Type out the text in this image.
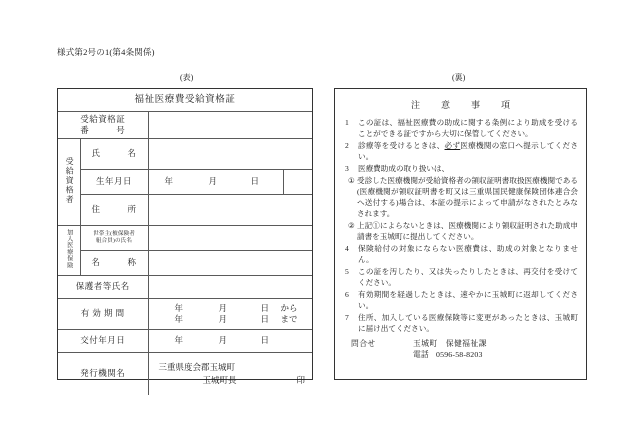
様式第2号の1(第4条関係)
(表)	(裏)
福祉医療費受給資格証		

受給資格証
番　　　号		

受給資格者	氏　　名	
	生年月日	年 月 日

	住　　所	
加入医療保険	世帯主(被保険者
組合員)の氏名	

	名　　称	
保護者等氏名		
有 効 期 間	
年	月	日	から
年	月	日	まで

交付年月日		年 月 日

発行機関名		三重県度会郡玉城町
玉城町長 印
注　意　事　項
1	この証は、福祉医療費の助成に関する条例により助成を受けることができる証ですから大切に保管してください。
2	診療等を受けるときは、必ず医療機関の窓口へ提示してください。
3	医療費助成の取り扱いは、
① 受診した医療機関が受給資格者の領収証明書取扱医療機関である(医療機関が領収証明書を町又は三重県国民健康保険団体連合会へ送付する)場合は、本証の提示によって申請がなされたとみなされます。
② 上記①によらないときは、医療機関により領収証明された助成申請書を玉城町に提出してください。
4	保険給付の対象にならない医療費は、助成の対象となりません。
5	この証を汚したり、又は失ったりしたときは、再交付を受けてください。
6	有効期間を経過したときは、速やかに玉城町に返却してください。
7	住所、加入している医療保険等に変更があったときは、玉城町に届け出てください。
問合せ	玉城町　保健福祉課
電話 0596-58-8203
